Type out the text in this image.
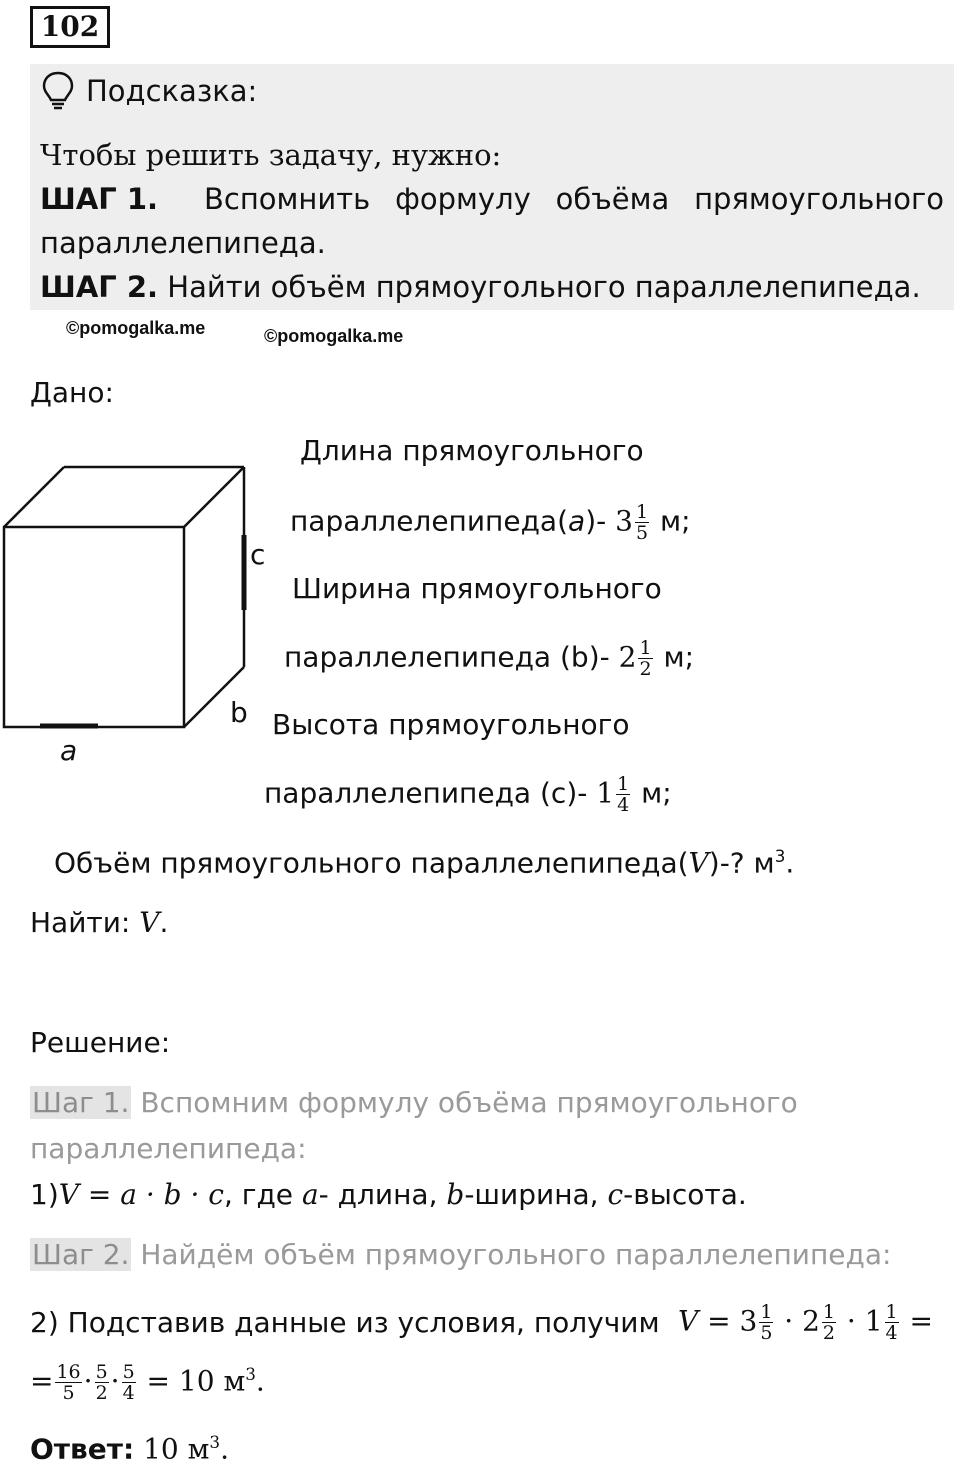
102
Подсказка:
Чтобы решить задачу, нужно:
ШАГ 1. Вспомнить формулу объёма прямоугольного
параллелепипеда.
ШАГ 2. Найти объём прямоугольного параллелепипеда.
©pomogalka.me	©pomogalka.me
Дано:
c
b
a
Длина прямоугольного
параллелепипеда(a)- $3 \frac{1}{5} м$;
Ширина прямоугольного
параллелепипеда (b)- $2 \frac{1}{2} м$;
Высота прямоугольного
параллелепипеда (c)- $1 \frac{1}{4} м$;
Объём прямоугольного параллелепипеда(V)-? $м^3$.
Найти: V.
Решение:
Шаг 1. Вспомним формулу объёма прямоугольного
параллелепипеда:
1)V = a · b · c, где a- длина, b-ширина, c-высота.
Шаг 2. Найдём объём прямоугольного параллелепипеда:
2) Подставив данные из условия, получим $V = 3 \frac{1}{5} \cdot 2 \frac{1}{2} \cdot 1 \frac{1}{4}$ =
= $\frac{16}{5} \cdot \frac{5}{2} \cdot \frac{5}{4} = 10$ $м^3$.
Ответ: 10 $м^3$.
